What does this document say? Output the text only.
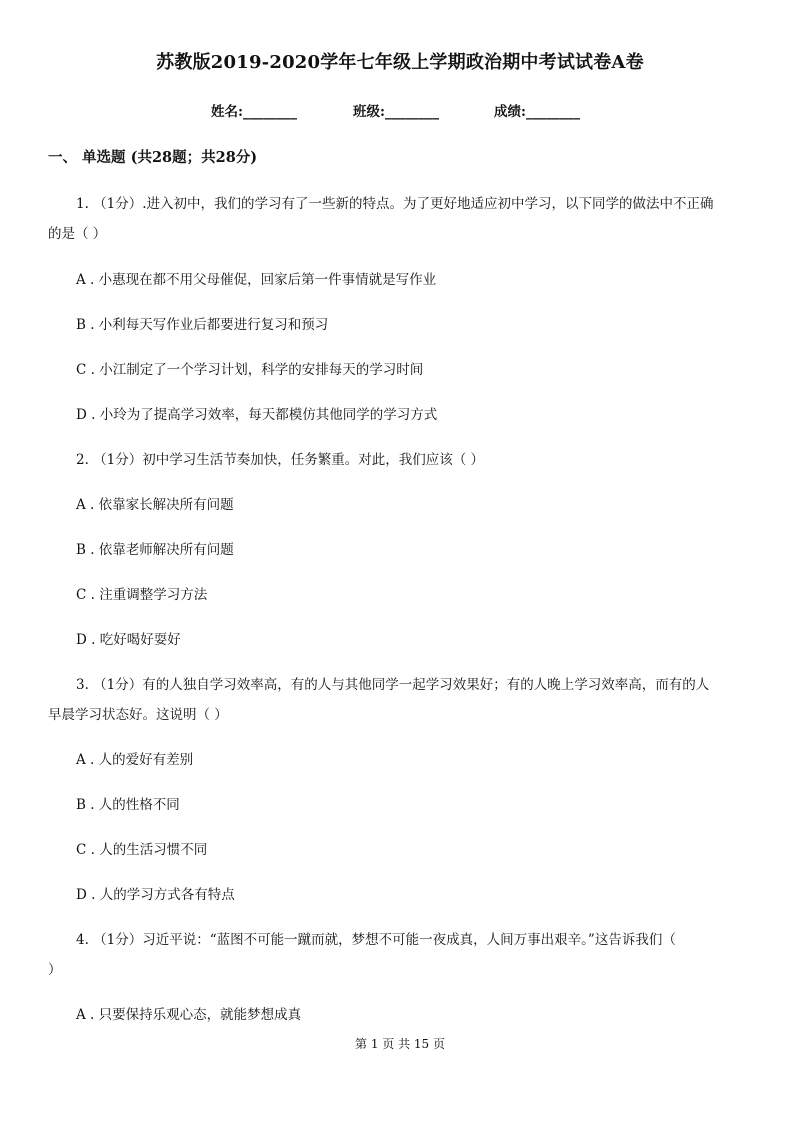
苏教版2019-2020学年七年级上学期政治期中考试试卷A卷
姓名:________	班级:________	成绩:________
一、 单选题 (共28题；共28分)
1. （1分）.进入初中，我们的学习有了一些新的特点。为了更好地适应初中学习，以下同学的做法中不正确
的是（ ）
A . 小惠现在都不用父母催促，回家后第一件事情就是写作业
B . 小利每天写作业后都要进行复习和预习
C . 小江制定了一个学习计划，科学的安排每天的学习时间
D . 小玲为了提高学习效率，每天都模仿其他同学的学习方式
2. （1分）初中学习生活节奏加快，任务繁重。对此，我们应该（ ）
A . 依靠家长解决所有问题
B . 依靠老师解决所有问题
C . 注重调整学习方法
D . 吃好喝好耍好
3. （1分）有的人独自学习效率高，有的人与其他同学一起学习效果好；有的人晚上学习效率高，而有的人
早晨学习状态好。这说明（ ）
A . 人的爱好有差别
B . 人的性格不同
C . 人的生活习惯不同
D . 人的学习方式各有特点
4. （1分）习近平说：“蓝图不可能一蹴而就，梦想不可能一夜成真，人间万事出艰辛。”这告诉我们（
）
A . 只要保持乐观心态，就能梦想成真
第 1 页 共 15 页
